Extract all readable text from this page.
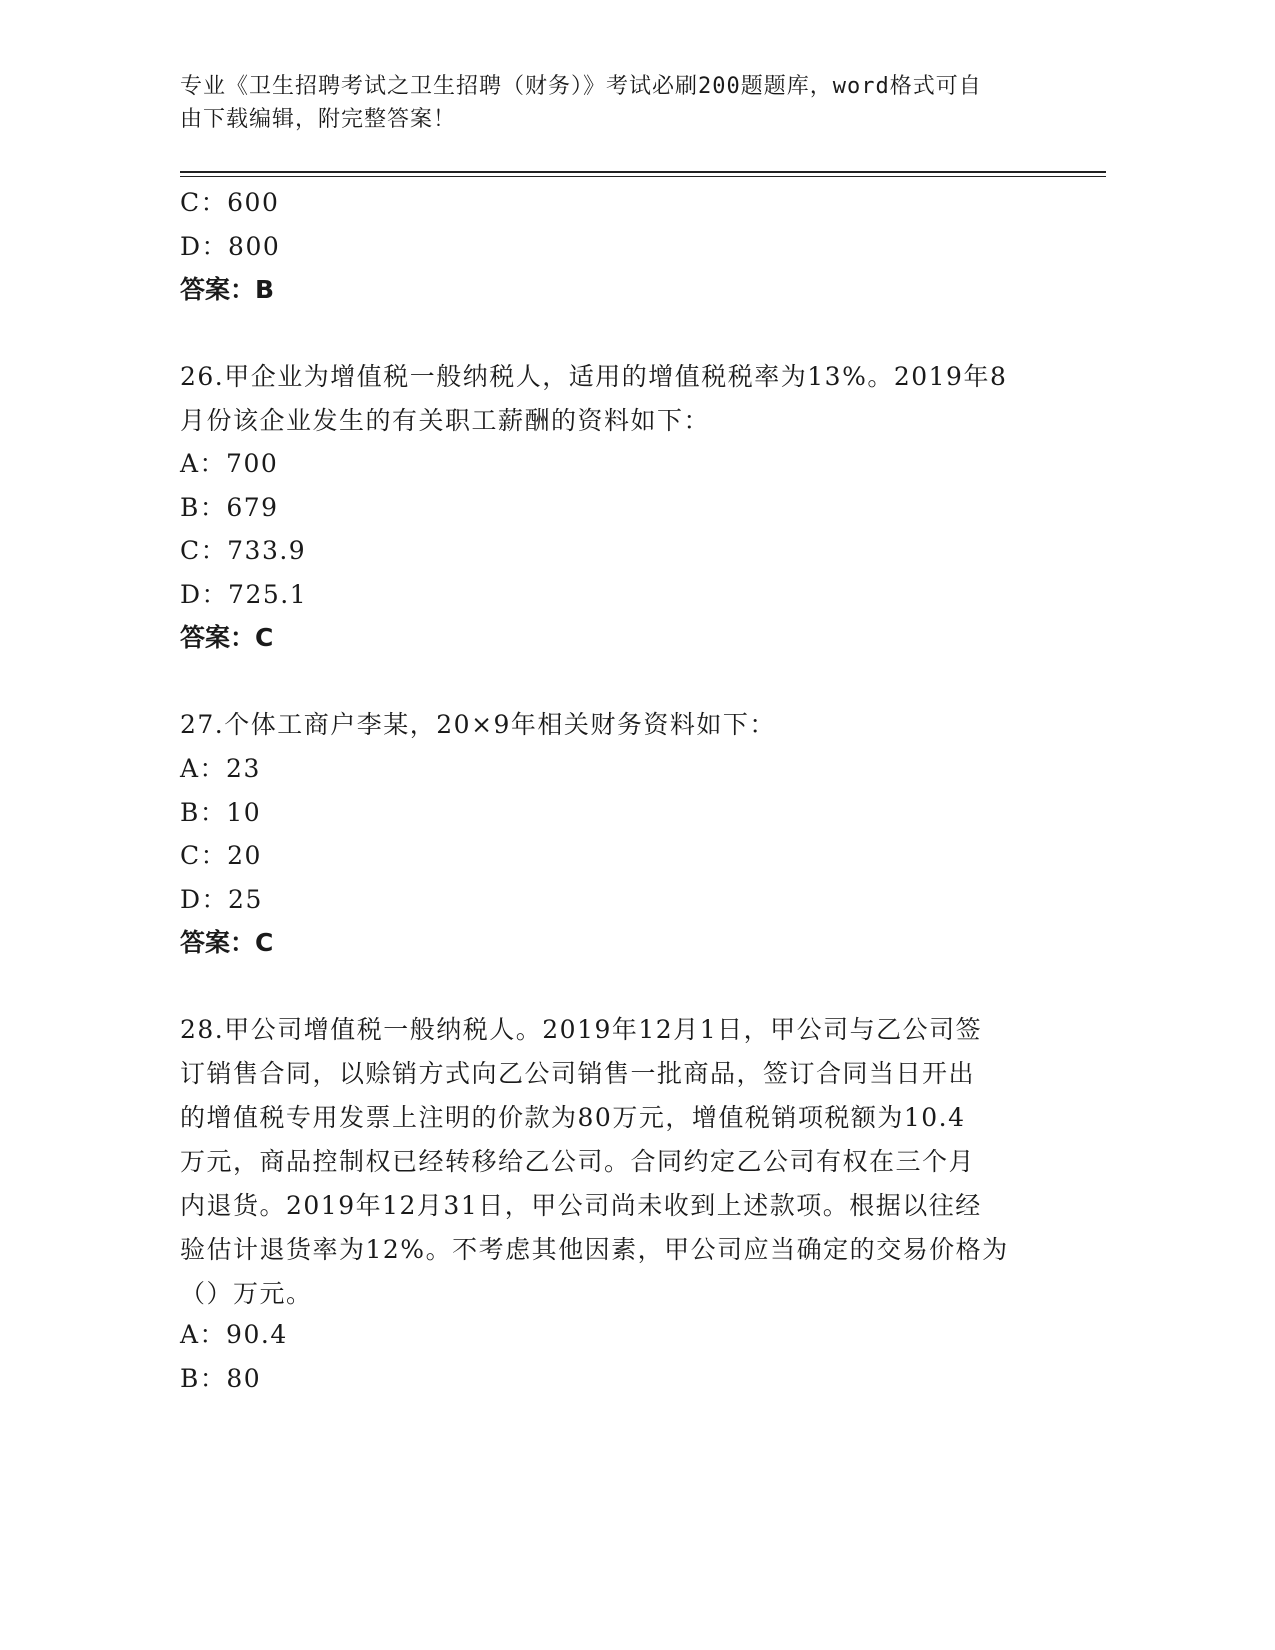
专业《卫生招聘考试之卫生招聘（财务）》考试必刷200题题库，word格式可自
由下载编辑，附完整答案！
C：600
D：800
答案：B
26.甲企业为增值税一般纳税人，适用的增值税税率为13%。2019年8
月份该企业发生的有关职工薪酬的资料如下：
A：700
B：679
C：733.9
D：725.1
答案：C
27.个体工商户李某，20×9年相关财务资料如下：
A：23
B：10
C：20
D：25
答案：C
28.甲公司增值税一般纳税人。2019年12月1日，甲公司与乙公司签
订销售合同，以赊销方式向乙公司销售一批商品，签订合同当日开出
的增值税专用发票上注明的价款为80万元，增值税销项税额为10.4
万元，商品控制权已经转移给乙公司。合同约定乙公司有权在三个月
内退货。2019年12月31日，甲公司尚未收到上述款项。根据以往经
验估计退货率为12%。不考虑其他因素，甲公司应当确定的交易价格为
（）万元。
A：90.4
B：80
